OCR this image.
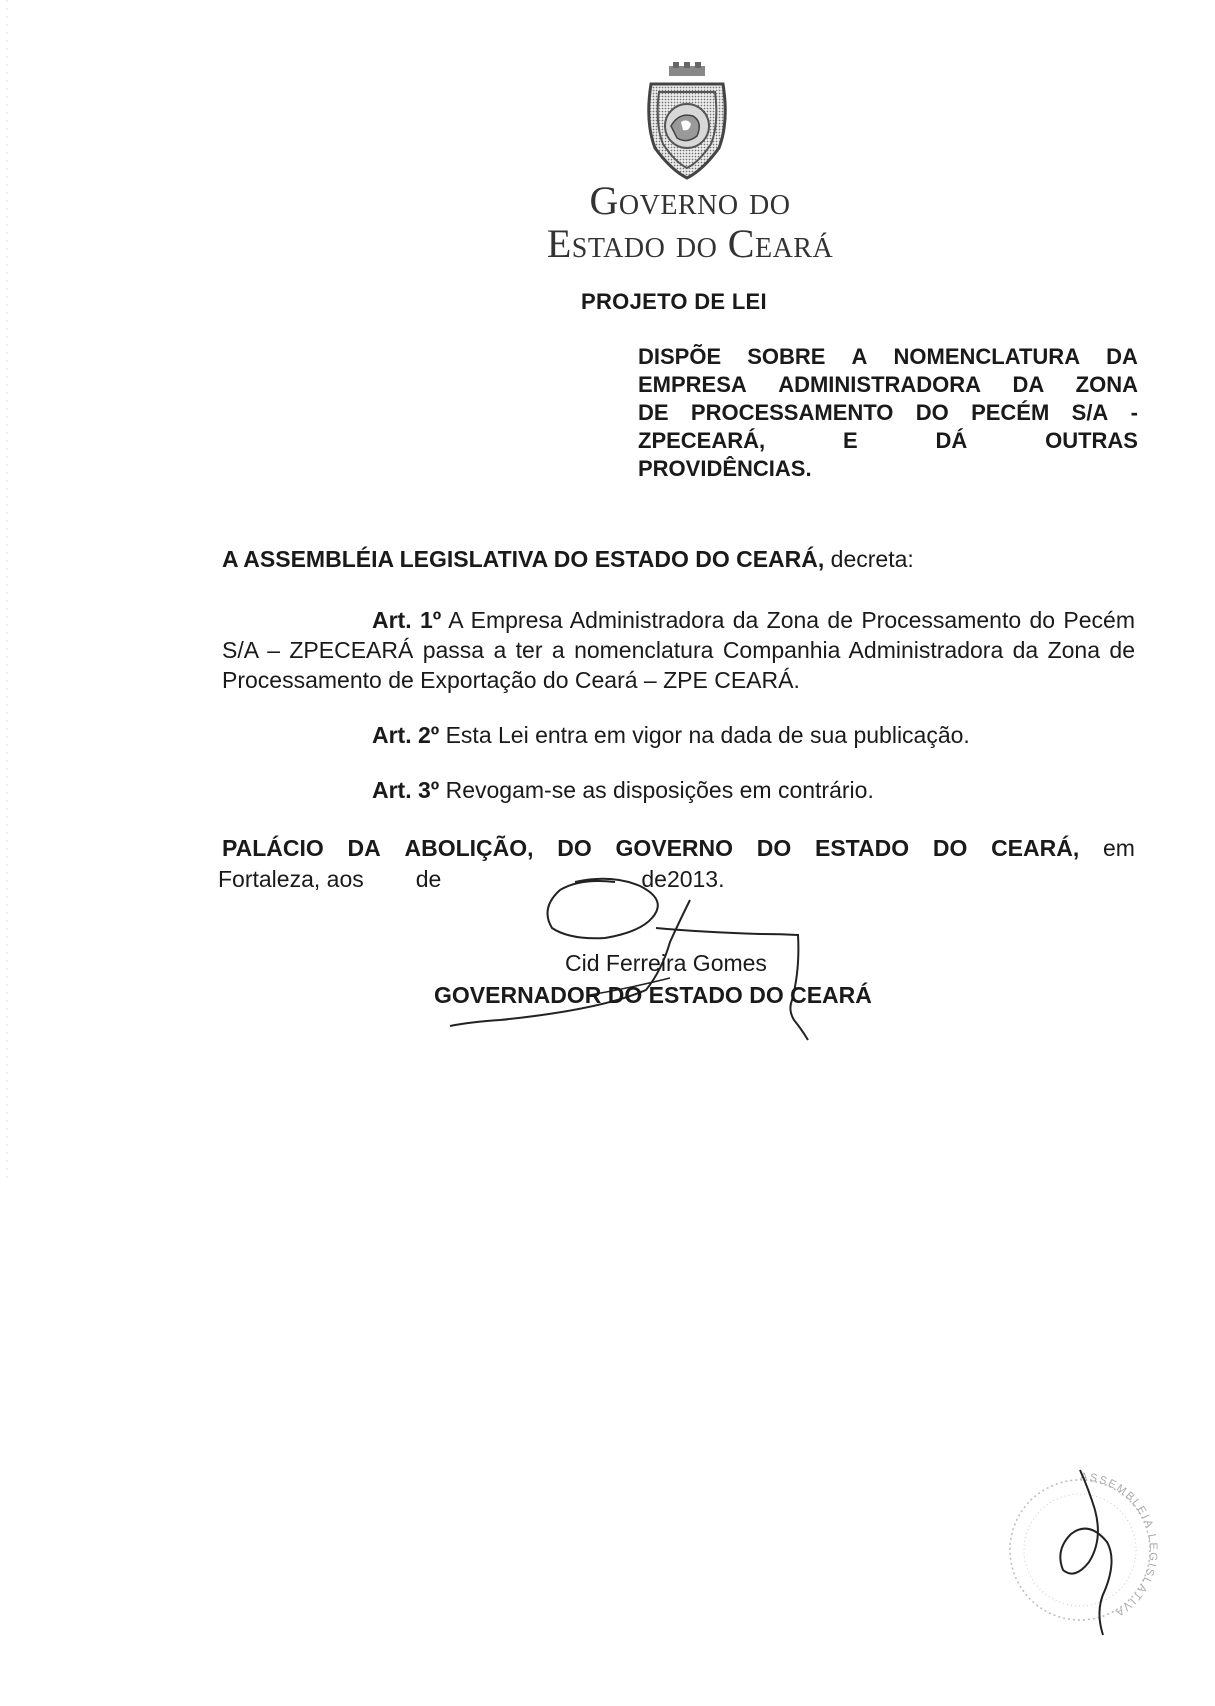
Governo do
Estado do Ceará
PROJETO DE LEI
DISPÕE SOBRE A NOMENCLATURA DA
EMPRESA ADMINISTRADORA DA ZONA
DE PROCESSAMENTO DO PECÉM S/A -
ZPECEARÁ,	E	DÁ	OUTRAS
PROVIDÊNCIAS.
A ASSEMBLÉIA LEGISLATIVA DO ESTADO DO CEARÁ, decreta:
Art. 1º A Empresa Administradora da Zona de Processamento do Pecém S/A – ZPECEARÁ passa a ter a nomenclatura Companhia Administradora da Zona de Processamento de Exportação do Ceará – ZPE CEARÁ.
Art. 2º Esta Lei entra em vigor na dada de sua publicação.
Art. 3º Revogam-se as disposições em contrário.
PALÁCIO DA ABOLIÇÃO, DO GOVERNO DO ESTADO DO CEARÁ, em
Fortaleza, aos de	de2013.
Cid Ferreira Gomes
GOVERNADOR DO ESTADO DO CEARÁ
ASSEMBLEIA LEGISLATIVA
